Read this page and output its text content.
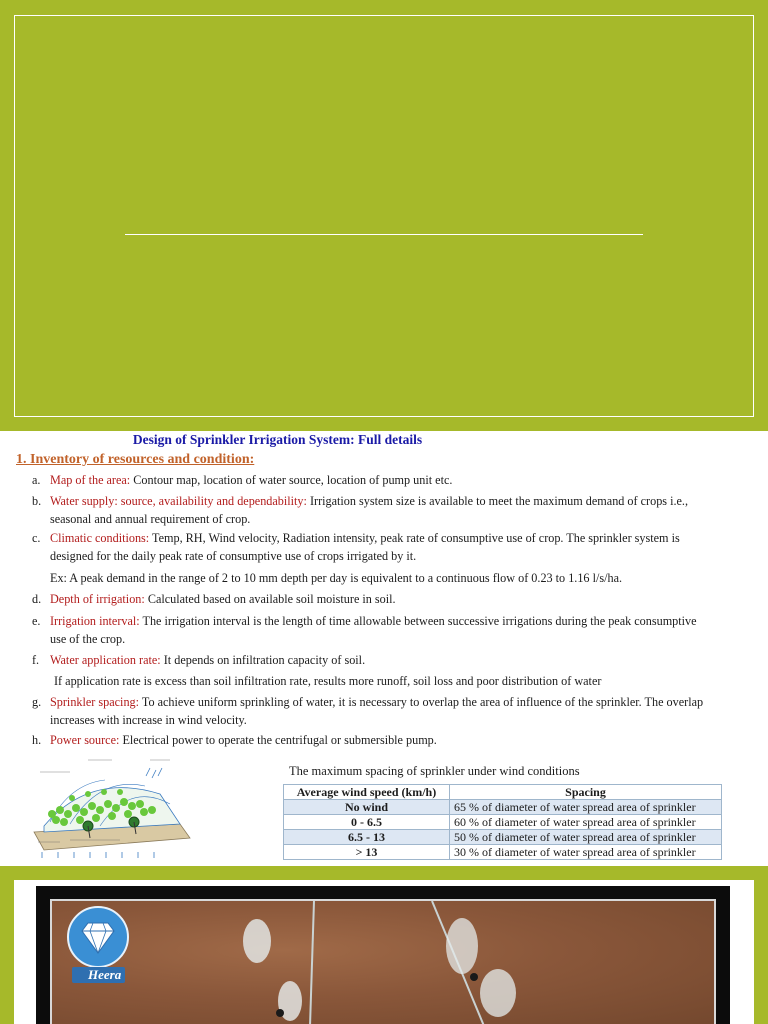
Design of Sprinkler Irrigation System: Full details
1. Inventory of resources and condition:
a. Map of the area: Contour map, location of water source, location of pump unit etc.
b. Water supply: source, availability and dependability: Irrigation system size is available to meet the maximum demand of crops i.e.,
seasonal and annual requirement of crop.
c. Climatic conditions: Temp, RH, Wind velocity, Radiation intensity, peak rate of consumptive use of crop. The sprinkler system is
designed for the daily peak rate of consumptive use of crops irrigated by it.
Ex: A peak demand in the range of 2 to 10 mm depth per day is equivalent to a continuous flow of 0.23 to 1.16 l/s/ha.
d. Depth of irrigation: Calculated based on available soil moisture in soil.
e. Irrigation interval: The irrigation interval is the length of time allowable between successive irrigations during the peak consumptive
use of the crop.
f. Water application rate: It depends on infiltration capacity of soil.
If application rate is excess than soil infiltration rate, results more runoff, soil loss and poor distribution of water
g. Sprinkler spacing: To achieve uniform sprinkling of water, it is necessary to overlap the area of influence of the sprinkler. The overlap
increases with increase in wind velocity.
h. Power source: Electrical power to operate the centrifugal or submersible pump.
The maximum spacing of sprinkler under wind conditions
Average wind speed (km/h)	Spacing
No wind	65 % of diameter of water spread area of sprinkler
0 - 6.5	60 % of diameter of water spread area of sprinkler
6.5 - 13	50 % of diameter of water spread area of sprinkler
> 13	30 % of diameter of water spread area of sprinkler
Heera
